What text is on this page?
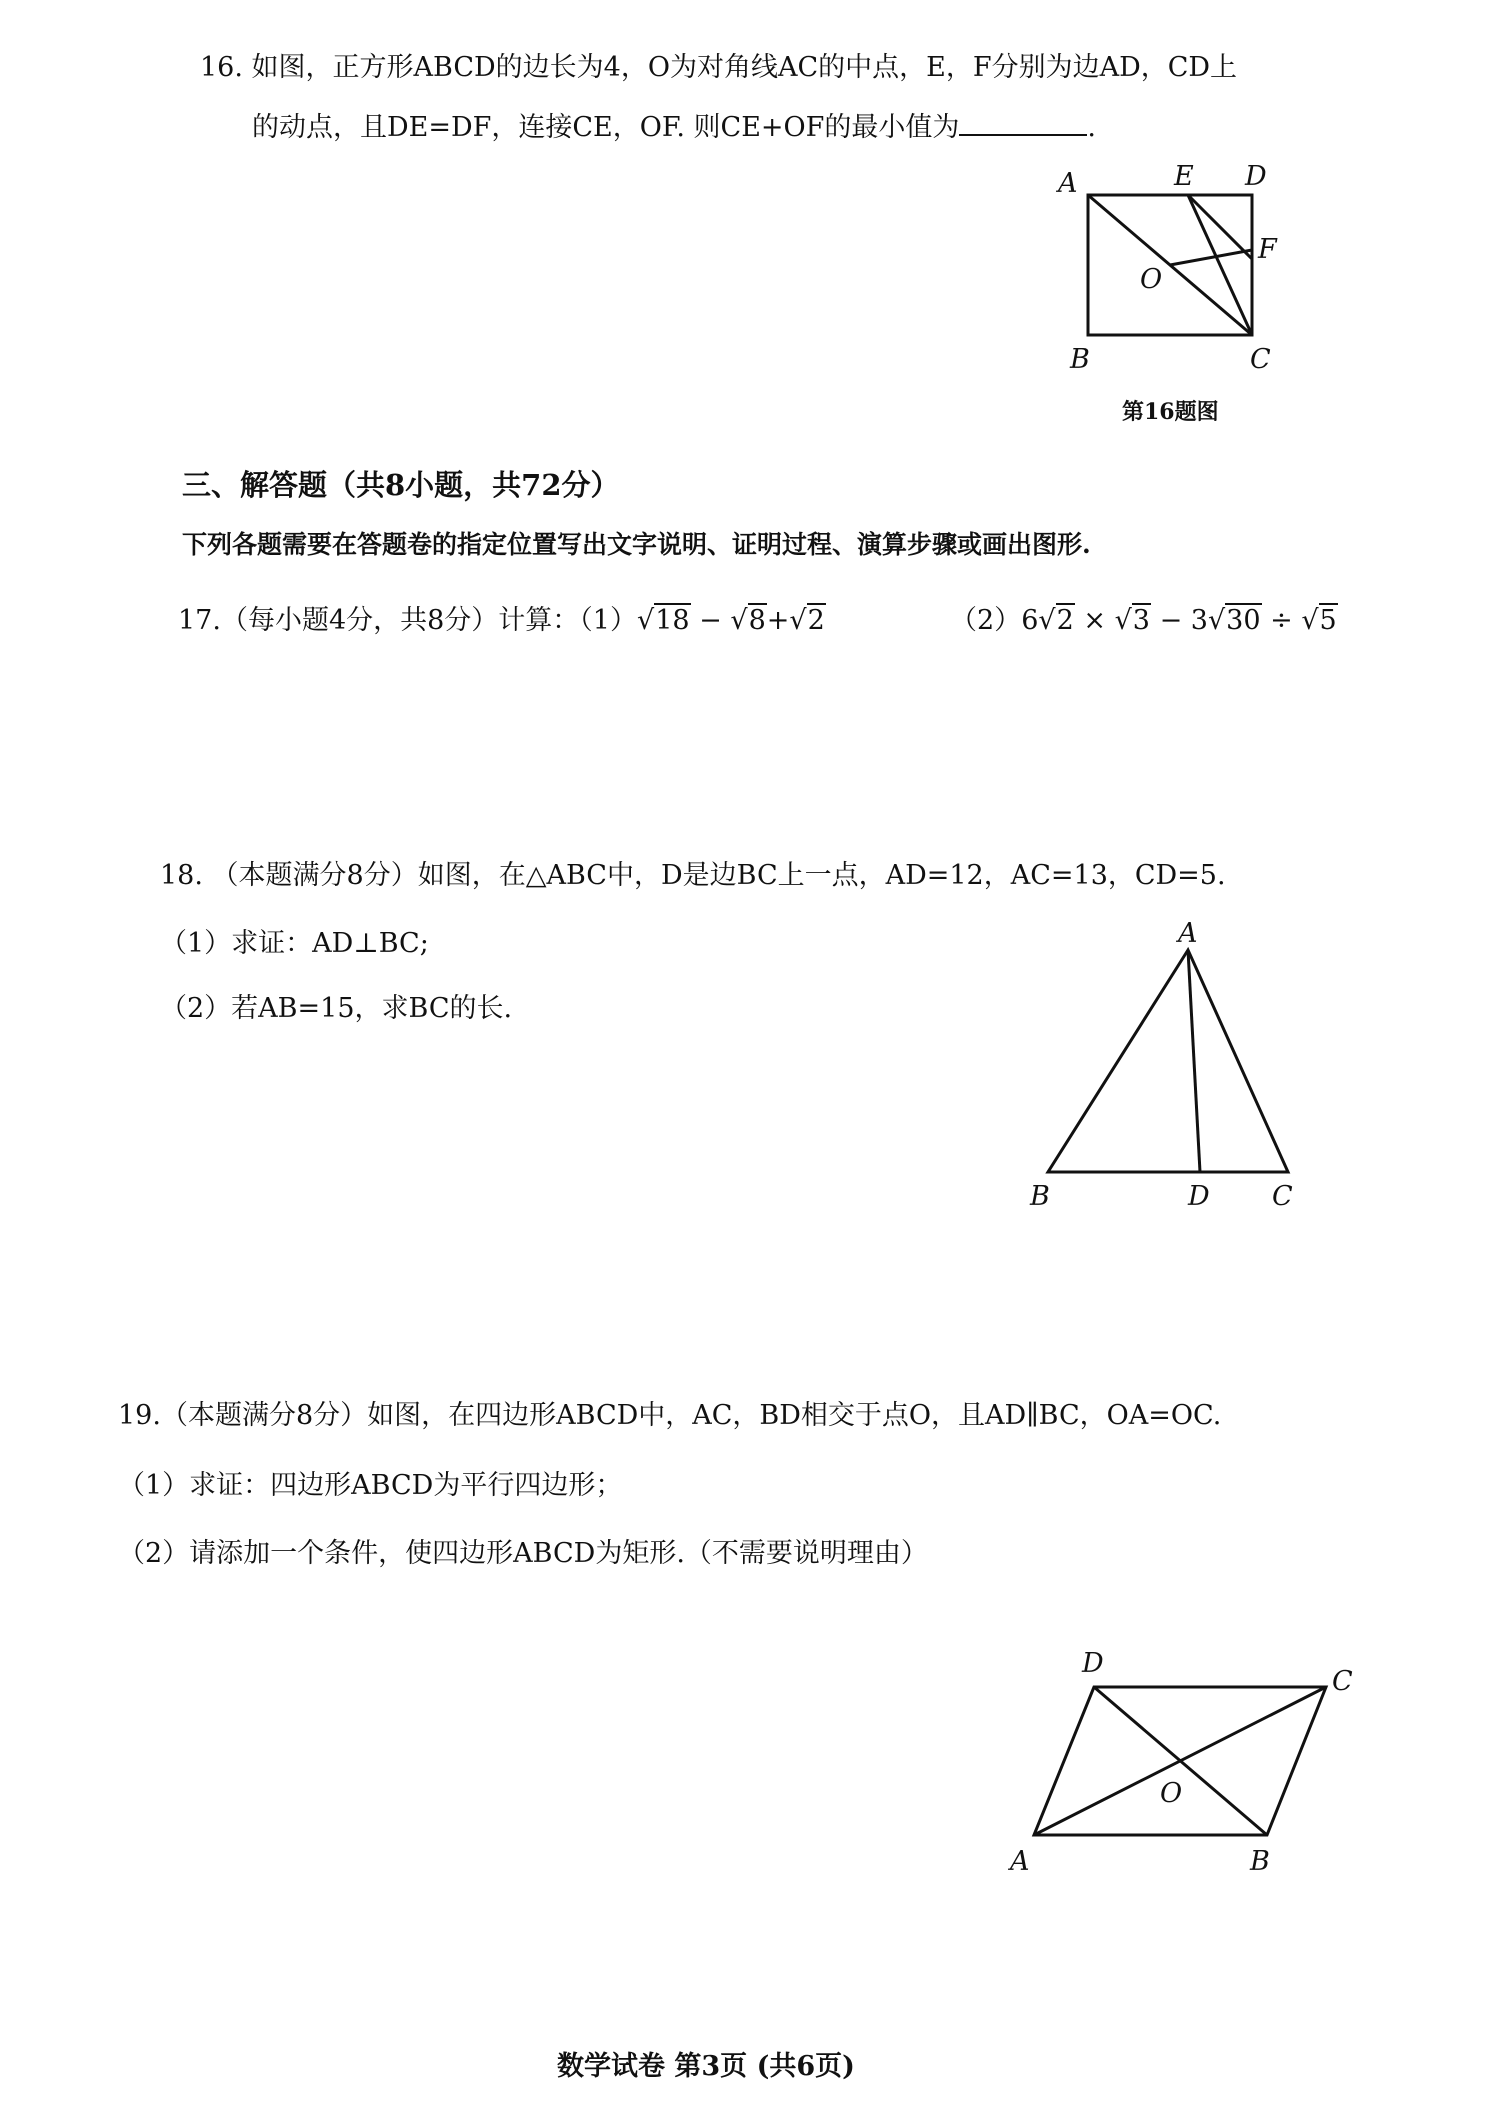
16. 如图，正方形ABCD的边长为4，O为对角线AC的中点，E，F分别为边AD，CD上
的动点，且DE=DF，连接CE，OF. 则CE+OF的最小值为	.
A	E D
F
O
B	C
第16题图
三、解答题（共8小题，共72分）
下列各题需要在答题卷的指定位置写出文字说明、证明过程、演算步骤或画出图形.
17.（每小题4分，共8分）计算：（1）√18 − √8+√2	（2）6√2 × √3 − 3√30 ÷ √5
18. （本题满分8分）如图，在△ABC中，D是边BC上一点，AD=12，AC=13，CD=5.
（1）求证：AD⊥BC;
（2）若AB=15，求BC的长.
A
B	D C
19.（本题满分8分）如图，在四边形ABCD中，AC，BD相交于点O，且AD∥BC，OA=OC.
（1）求证：四边形ABCD为平行四边形；
（2）请添加一个条件，使四边形ABCD为矩形.（不需要说明理由）
D
C
O
A	B
数学试卷 第3页 (共6页)
